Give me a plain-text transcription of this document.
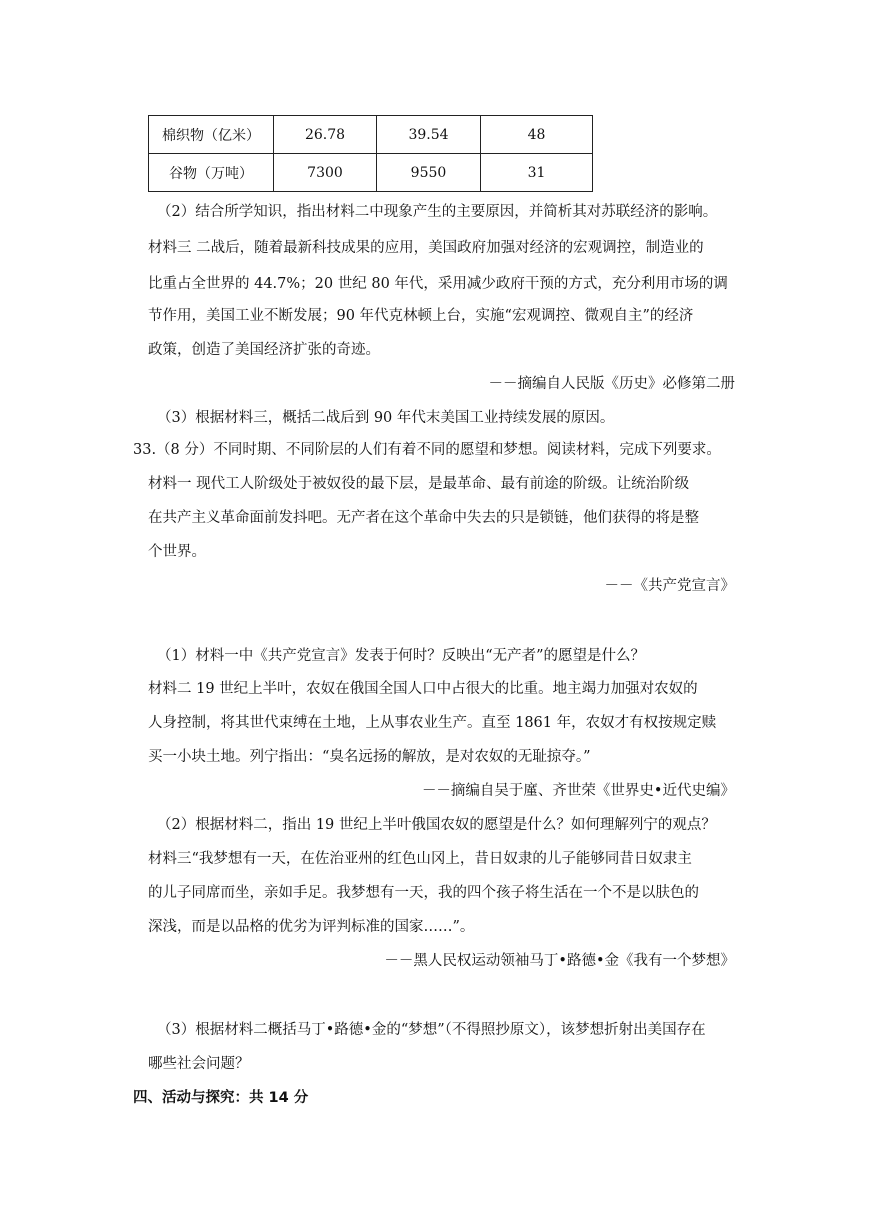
棉织物（亿米）	26.78	39.54	48
谷物（万吨）	7300	9550	31
（2）结合所学知识，指出材料二中现象产生的主要原因，并简析其对苏联经济的影响。
材料三 二战后，随着最新科技成果的应用，美国政府加强对经济的宏观调控，制造业的
比重占全世界的 44.7%；20 世纪 80 年代，采用减少政府干预的方式，充分利用市场的调
节作用，美国工业不断发展；90 年代克林顿上台，实施“宏观调控、微观自主”的经济
政策，创造了美国经济扩张的奇迹。
－－摘编自人民版《历史》必修第二册
（3）根据材料三，概括二战后到 90 年代末美国工业持续发展的原因。
33.（8 分）不同时期、不同阶层的人们有着不同的愿望和梦想。阅读材料，完成下列要求。
材料一 现代工人阶级处于被奴役的最下层，是最革命、最有前途的阶级。让统治阶级
在共产主义革命面前发抖吧。无产者在这个革命中失去的只是锁链，他们获得的将是整
个世界。
－－《共产党宣言》
（1）材料一中《共产党宣言》发表于何时？反映出“无产者”的愿望是什么？
材料二 19 世纪上半叶，农奴在俄国全国人口中占很大的比重。地主竭力加强对农奴的
人身控制，将其世代束缚在土地，上从事农业生产。直至 1861 年，农奴才有权按规定赎
买一小块土地。列宁指出：“臭名远扬的解放，是对农奴的无耻掠夺。”
－－摘编自吴于廑、齐世荣《世界史•近代史编》
（2）根据材料二，指出 19 世纪上半叶俄国农奴的愿望是什么？如何理解列宁的观点？
材料三“我梦想有一天，在佐治亚州的红色山冈上，昔日奴隶的儿子能够同昔日奴隶主
的儿子同席而坐，亲如手足。我梦想有一天，我的四个孩子将生活在一个不是以肤色的
深浅，而是以品格的优劣为评判标准的国家……”。
－－黑人民权运动领袖马丁•路德•金《我有一个梦想》
（3）根据材料二概括马丁•路德•金的“梦想”（不得照抄原文），该梦想折射出美国存在
哪些社会问题？
四、活动与探究：共 14 分
